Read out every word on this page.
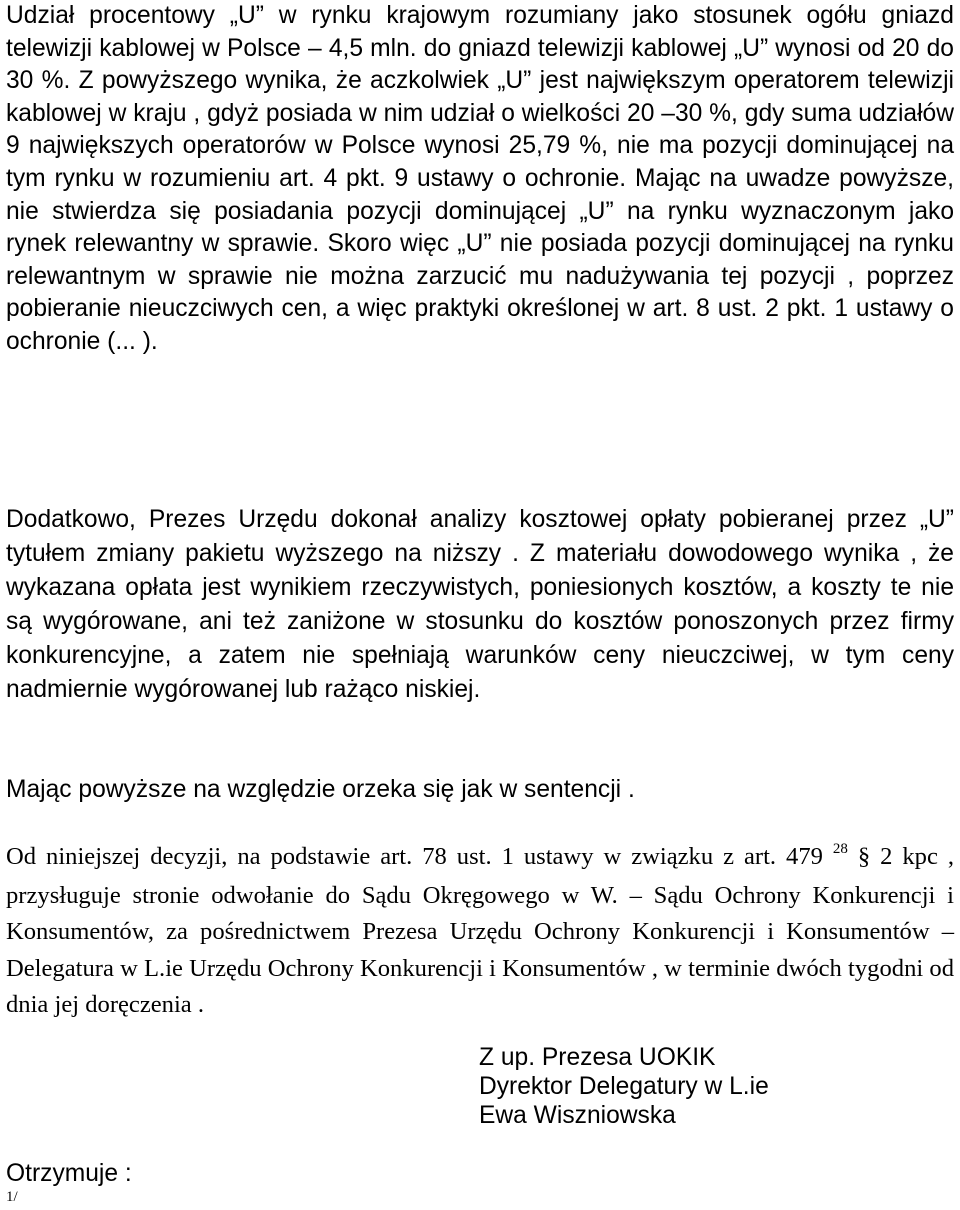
Udział procentowy „U” w rynku krajowym rozumiany jako stosunek ogółu gniazd telewizji kablowej w Polsce – 4,5 mln. do gniazd telewizji kablowej „U” wynosi od 20 do 30 %. Z powyższego wynika, że aczkolwiek „U” jest największym operatorem telewizji kablowej w kraju , gdyż posiada w nim udział o wielkości 20 –30 %, gdy suma udziałów 9 największych operatorów w Polsce wynosi 25,79 %, nie ma pozycji dominującej na tym rynku w rozumieniu art. 4 pkt. 9 ustawy o ochronie. Mając na uwadze powyższe, nie stwierdza się posiadania pozycji dominującej „U” na rynku wyznaczonym jako rynek relewantny w sprawie. Skoro więc „U” nie posiada pozycji dominującej na rynku relewantnym w sprawie nie można zarzucić mu nadużywania tej pozycji , poprzez pobieranie nieuczciwych cen, a więc praktyki określonej w art. 8 ust. 2 pkt. 1 ustawy o ochronie (... ).

Dodatkowo, Prezes Urzędu dokonał analizy kosztowej opłaty pobieranej przez „U” tytułem zmiany pakietu wyższego na niższy . Z materiału dowodowego wynika , że wykazana opłata jest wynikiem rzeczywistych, poniesionych kosztów, a koszty te nie są wygórowane, ani też zaniżone w stosunku do kosztów ponoszonych przez firmy konkurencyjne, a zatem nie spełniają warunków ceny nieuczciwej, w tym ceny nadmiernie wygórowanej lub rażąco niskiej.

Mając powyższe na względzie orzeka się jak w sentencji .

Od niniejszej decyzji, na podstawie art. 78 ust. 1 ustawy w związku z art. 479 $^{28}$ § 2 kpc , przysługuje stronie odwołanie do Sądu Okręgowego w W. – Sądu Ochrony Konkurencji i Konsumentów, za pośrednictwem Prezesa Urzędu Ochrony Konkurencji i Konsumentów – Delegatura w L.ie Urzędu Ochrony Konkurencji i Konsumentów , w terminie dwóch tygodni od dnia jej doręczenia .

Z up. Prezesa UOKIK
Dyrektor Delegatury w L.ie
Ewa Wiszniowska
Otrzymuje :
1/
